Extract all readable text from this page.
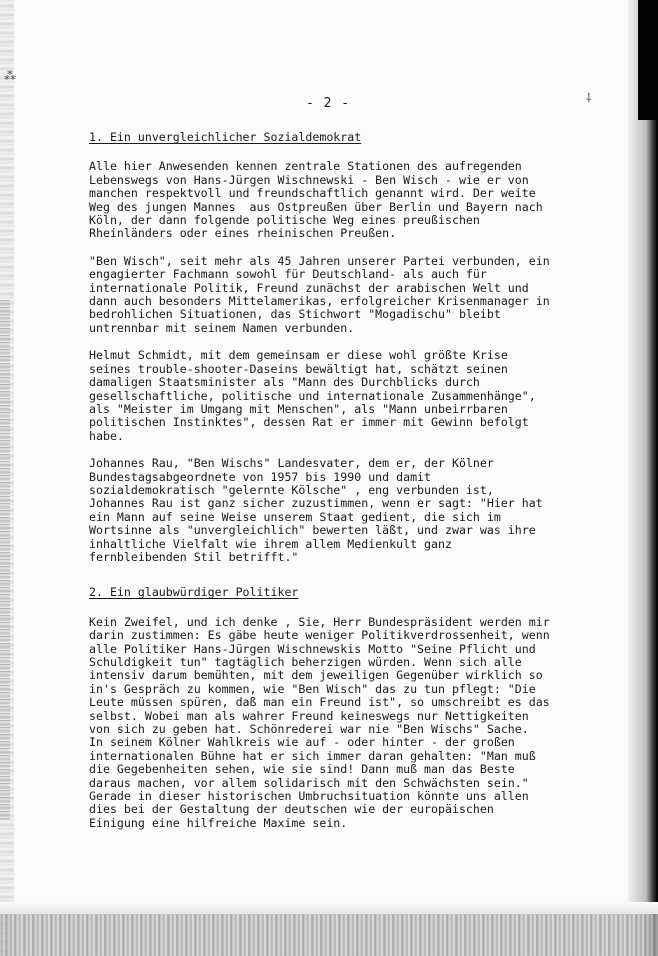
⁂
⸸
- 2 -
1. Ein unvergleichlicher Sozialdemokrat

Alle hier Anwesenden kennen zentrale Stationen des aufregenden
Lebenswegs von Hans-Jürgen Wischnewski - Ben Wisch - wie er von
manchen respektvoll und freundschaftlich genannt wird. Der weite
Weg des jungen Mannes  aus Ostpreußen über Berlin und Bayern nach
Köln, der dann folgende politische Weg eines preußischen
Rheinländers oder eines rheinischen Preußen.

"Ben Wisch", seit mehr als 45 Jahren unserer Partei verbunden, ein
engagierter Fachmann sowohl für Deutschland- als auch für
internationale Politik, Freund zunächst der arabischen Welt und
dann auch besonders Mittelamerikas, erfolgreicher Krisenmanager in
bedrohlichen Situationen, das Stichwort "Mogadischu" bleibt
untrennbar mit seinem Namen verbunden.

Helmut Schmidt, mit dem gemeinsam er diese wohl größte Krise
seines trouble-shooter-Daseins bewältigt hat, schätzt seinen
damaligen Staatsminister als "Mann des Durchblicks durch
gesellschaftliche, politische und internationale Zusammenhänge",
als "Meister im Umgang mit Menschen", als "Mann unbeirrbaren
politischen Instinktes", dessen Rat er immer mit Gewinn befolgt
habe.

Johannes Rau, "Ben Wischs" Landesvater, dem er, der Kölner
Bundestagsabgeordnete von 1957 bis 1990 und damit
sozialdemokratisch "gelernte Kölsche" , eng verbunden ist,
Johannes Rau ist ganz sicher zuzustimmen, wenn er sagt: "Hier hat
ein Mann auf seine Weise unserem Staat gedient, die sich im
Wortsinne als "unvergleichlich" bewerten läßt, und zwar was ihre
inhaltliche Vielfalt wie ihrem allem Medienkult ganz
fernbleibenden Stil betrifft."

2. Ein glaubwürdiger Politiker

Kein Zweifel, und ich denke , Sie, Herr Bundespräsident werden mir
darin zustimmen: Es gäbe heute weniger Politikverdrossenheit, wenn
alle Politiker Hans-Jürgen Wischnewskis Motto "Seine Pflicht und
Schuldigkeit tun" tagtäglich beherzigen würden. Wenn sich alle
intensiv darum bemühten, mit dem jeweiligen Gegenüber wirklich so
in's Gespräch zu kommen, wie "Ben Wisch" das zu tun pflegt: "Die
Leute müssen spüren, daß man ein Freund ist", so umschreibt es das
selbst. Wobei man als wahrer Freund keineswegs nur Nettigkeiten
von sich zu geben hat. Schönrederei war nie "Ben Wischs" Sache.
In seinem Kölner Wahlkreis wie auf - oder hinter - der großen
internationalen Bühne hat er sich immer daran gehalten: "Man muß
die Gegebenheiten sehen, wie sie sind! Dann muß man das Beste
daraus machen, vor allem solidarisch mit den Schwächsten sein."
Gerade in dieser historischen Umbruchsituation könnte uns allen
dies bei der Gestaltung der deutschen wie der europäischen
Einigung eine hilfreiche Maxime sein.
